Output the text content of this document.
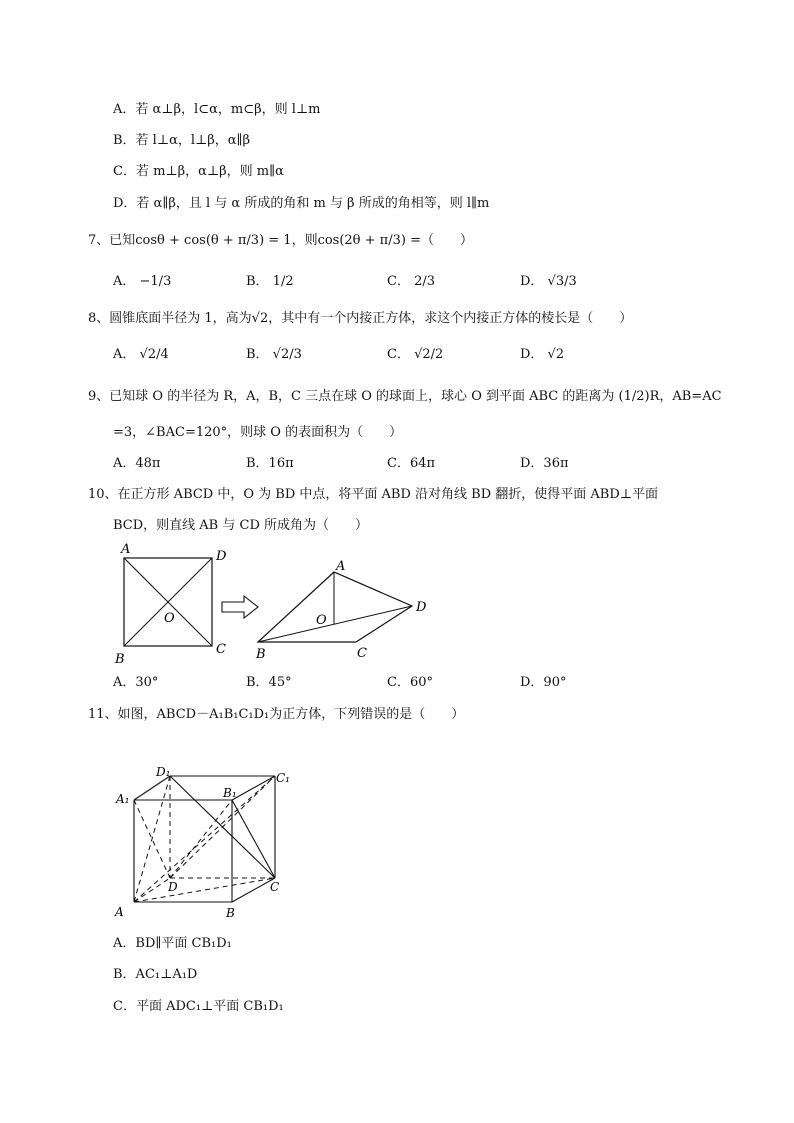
A．若 α⊥β，l⊂α，m⊂β，则 l⊥m
B．若 l⊥α，l⊥β，α∥β
C．若 m⊥β，α⊥β，则 m∥α
D．若 α∥β，且 l 与 α 所成的角和 m 与 β 所成的角相等，则 l∥m
7、已知cosθ + cos(θ + π/3) = 1，则cos(2θ + π/3) =（　　）
A． −1/3	B． 1/2	C． 2/3	D． √3/3
8、圆锥底面半径为 1，高为√2，其中有一个内接正方体，求这个内接正方体的棱长是（　　）
A． √2/4	B． √2/3	C． √2/2	D． √2
9、已知球 O 的半径为 R，A，B，C 三点在球 O 的球面上，球心 O 到平面 ABC 的距离为 (1/2)R，AB=AC
=3，∠BAC=120°，则球 O 的表面积为（　　）
A．48π	B．16π	C．64π	D．36π
10、在正方形 ABCD 中，O 为 BD 中点，将平面 ABD 沿对角线 BD 翻折，使得平面 ABD⊥平面
BCD，则直线 AB 与 CD 所成角为（　　）
A	D
B
C
O
A
D
B	C
O
A．30°	B．45°	C．60°	D．90°
11、如图，ABCD－A₁B₁C₁D₁为正方体，下列错误的是（　　）
D₁	C₁
A₁	B₁
D	C
A	B
A．BD∥平面 CB₁D₁
B．AC₁⊥A₁D
C．平面 ADC₁⊥平面 CB₁D₁
